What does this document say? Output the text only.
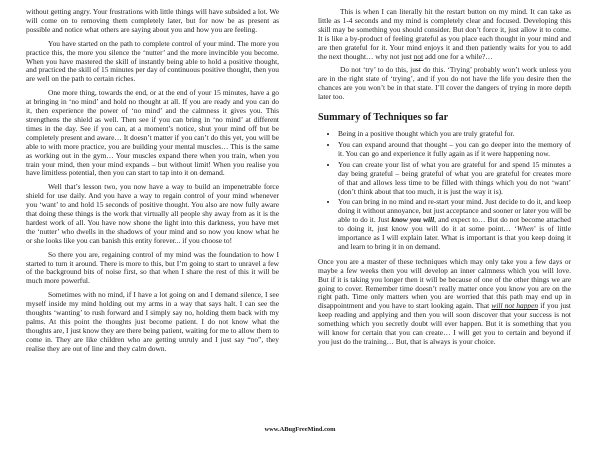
without getting angry. Your frustrations with little things will have subsided a lot. We will come on to removing them completely later, but for now be as present as possible and notice what others are saying about you and how you are feeling.

You have started on the path to complete control of your mind. The more you practice this, the more you silence the ‘nutter’ and the more invincible you become. When you have mastered the skill of instantly being able to hold a positive thought, and practiced the skill of 15 minutes per day of continuous positive thought, then you are well on the path to certain riches.

One more thing, towards the end, or at the end of your 15 minutes, have a go at bringing in ‘no mind’ and hold no thought at all. If you are ready and you can do it, then experience the power of ‘no mind’ and the calmness it gives you. This strengthens the shield as well. Then see if you can bring in ‘no mind’ at different times in the day. See if you can, at a moment’s notice, shut your mind off but be completely present and aware… It doesn’t matter if you can’t do this yet, you will be able to with more practice, you are building your mental muscles… This is the same as working out in the gym… Your muscles expand there when you train, when you train your mind, then your mind expands – but without limit! When you realise you have limitless potential, then you can start to tap into it on demand.

Well that’s lesson two, you now have a way to build an impenetrable force shield for use daily. And you have a way to regain control of your mind whenever you ‘want’ to and hold 15 seconds of positive thought. You also are now fully aware that doing these things is the work that virtually all people shy away from as it is the hardest work of all. You have now shone the light into this darkness, you have met the ‘nutter’ who dwells in the shadows of your mind and so now you know what he or she looks like you can banish this entity forever... if you choose to!

So there you are, regaining control of my mind was the foundation to how I started to turn it around. There is more to this, but I’m going to start to unravel a few of the background bits of noise first, so that when I share the rest of this it will be much more powerful.

Sometimes with no mind, if I have a lot going on and I demand silence, I see myself inside my mind holding out my arms in a way that says halt. I can see the thoughts ‘wanting’ to rush forward and I simply say no, holding them back with my palms. At this point the thoughts just become patient. I do not know what the thoughts are, I just know they are there being patient, waiting for me to allow them to come in. They are like children who are getting unruly and I just say “no”, they realise they are out of line and they calm down.

This is when I can literally hit the restart button on my mind. It can take as little as 1-4 seconds and my mind is completely clear and focused. Developing this skill may be something you should consider. But don’t force it, just allow it to come. It is like a by-product of feeling grateful as you place each thought in your mind and are then grateful for it. Your mind enjoys it and then patiently waits for you to add the next thought… why not just not add one for a while?…

Do not ‘try’ to do this, just do this. ‘Trying’ probably won’t work unless you are in the right state of ‘trying’, and if you do not have the life you desire then the chances are you won’t be in that state. I’ll cover the dangers of trying in more depth later too.

Summary of Techniques so far
• Being in a positive thought which you are truly grateful for.
• You can expand around that thought – you can go deeper into the memory of it. You can go and experience it fully again as if it were happening now.
• You can create your list of what you are grateful for and spend 15 minutes a day being grateful – being grateful of what you are grateful for creates more of that and allows less time to be filled with things which you do not ‘want’ (don’t think about that too much, it is just the way it is).
• You can bring in no mind and re-start your mind. Just decide to do it, and keep doing it without annoyance, but just acceptance and sooner or later you will be able to do it. Just know you will, and expect to… But do not become attached to doing it, just know you will do it at some point… ‘When’ is of little importance as I will explain later. What is important is that you keep doing it and learn to bring it in on demand.

Once you are a master of these techniques which may only take you a few days or maybe a few weeks then you will develop an inner calmness which you will love. But if it is taking you longer then it will be because of one of the other things we are going to cover. Remember time doesn’t really matter once you know you are on the right path. Time only matters when you are worried that this path may end up in disappointment and you have to start looking again. That will not happen if you just keep reading and applying and then you will soon discover that your success is not something which you secretly doubt will ever happen. But it is something that you will know for certain that you can create… I will get you to certain and beyond if you just do the training… But, that is always is your choice.

www.ABugFreeMind.com
